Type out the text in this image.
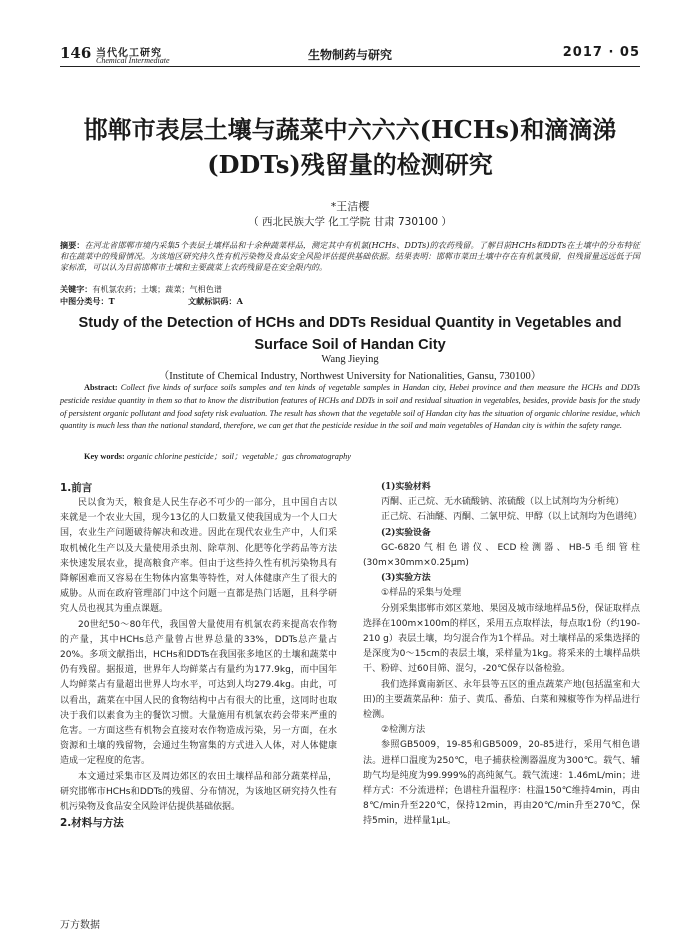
146 当代化工研究
Chemical Intermediate	生物制药与研究	2017 · 05
邯郸市表层土壤与蔬菜中六六六(HCHs)和滴滴涕(DDTs)残留量的检测研究
*王洁樱
（ 西北民族大学 化工学院 甘肃 730100 ）
摘要：在河北省邯郸市境内采集5个表层土壤样品和十余种蔬菜样品，测定其中有机氯(HCHs、DDTs)的农药残留。了解目前HCHs和DDTs在土壤中的分布特征和在蔬菜中的残留情况。为该地区研究持久性有机污染物及食品安全风险评估提供基础依据。结果表明：邯郸市菜田土壤中存在有机氯残留，但残留量远远低于国家标准，可以认为目前邯郸市土壤和主要蔬菜上农药残留是在安全限内的。
关键字：有机氯农药；土壤；蔬菜；气相色谱
中图分类号：T	文献标识码：A
Study of the Detection of HCHs and DDTs Residual Quantity in Vegetables and Surface Soil of Handan City
Wang Jieying
（Institute of Chemical Industry, Northwest University for Nationalities, Gansu, 730100）
Abstract: Collect five kinds of surface soils samples and ten kinds of vegetable samples in Handan city, Hebei province and then measure the HCHs and DDTs pesticide residue quantity in them so that to know the distribution features of HCHs and DDTs in soil and residual situation in vegetables, besides, provide basis for the study of persistent organic pollutant and food safety risk evaluation. The result has shown that the vegetable soil of Handan city has the situation of organic chlorine residue, which quantity is much less than the national standard, therefore, we can get that the pesticide residue in the soil and main vegetables of Handan city is within the safety range.
Key words: organic chlorine pesticide；soil；vegetable；gas chromatography
1.前言

民以食为天，粮食是人民生存必不可少的一部分，且中国自古以来就是一个农业大国，现今13亿的人口数量又使我国成为一个人口大国，农业生产问题破待解决和改进。因此在现代农业生产中，人们采取机械化生产以及大量使用杀虫剂、除草剂、化肥等化学药品等方法来快速发展农业，提高粮食产率。但由于这些持久性有机污染物具有降解困难而又容易在生物体内富集等特性，对人体健康产生了很大的威胁。从而在政府管理部门中这个问题一直都是热门话题，且科学研究人员也视其为重点课题。

20世纪50～80年代，我国曾大量使用有机氯农药来提高农作物的产量，其中HCHs总产量曾占世界总量的33%，DDTs总产量占20%。多项文献指出，HCHs和DDTs在我国张多地区的土壤和蔬菜中仍有残留。据报道，世界年人均鲜菜占有量约为177.9kg，而中国年人均鲜菜占有量超出世界人均水平，可达到人均279.4kg。由此，可以看出，蔬菜在中国人民的食物结构中占有很大的比重，这同时也取决于我们以素食为主的餐饮习惯。大量施用有机氯农药会带来严重的危害。一方面这些有机物会直接对农作物造成污染，另一方面，在水资源和土壤的残留物，会通过生物富集的方式进入人体，对人体健康造成一定程度的危害。

本文通过采集市区及周边郊区的农田土壤样品和部分蔬菜样品，研究邯郸市HCHs和DDTs的残留、分布情况，为该地区研究持久性有机污染物及食品安全风险评估提供基础依据。

2.材料与方法

(1)实验材料

丙酮、正己烷、无水硫酸钠、浓硫酸（以上试剂均为分析纯）

正己烷、石油醚、丙酮、二氯甲烷、甲醇（以上试剂均为色谱纯）

(2)实验设备

GC-6820气相色谱仪、ECD检测器、HB-5毛细管柱(30m×30mm×0.25μm)

(3)实验方法

①样品的采集与处理

分别采集邯郸市郊区菜地、果园及城市绿地样品5份，保证取样点选择在100m×100m的样区，采用五点取样法，每点取1份（约190-210 g）表层土壤，均匀混合作为1个样品。对土壤样品的采集选择的是深度为0～15cm的表层土壤，采样量为1kg。将采来的土壤样品烘干、粉碎、过60目筛、混匀，-20℃保存以备检验。

我们选择冀南新区、永年县等五区的重点蔬菜产地(包括温室和大田)的主要蔬菜品种：茄子、黄瓜、番茄、白菜和辣椒等作为样品进行检测。

②检测方法

参照GB5009，19-85和GB5009，20-85进行，采用气相色谱法。进样口温度为250℃，电子捕获检测器温度为300℃。载气、辅助气均是纯度为99.999%的高纯氮气。载气流速：1.46mL/min；进样方式：不分流进样；色谱柱升温程序：柱温150℃维持4min，再由8℃/min升至220℃，保持12min，再由20℃/min升至270℃，保持5min，进样量1μL。

万方数据
